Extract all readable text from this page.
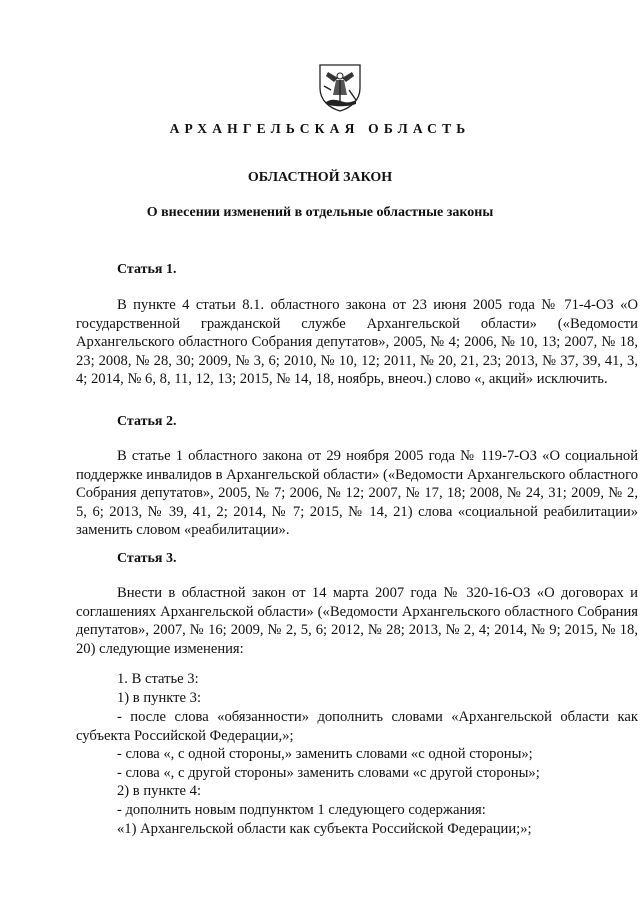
АРХАНГЕЛЬСКАЯ ОБЛАСТЬ
ОБЛАСТНОЙ ЗАКОН
О внесении изменений в отдельные областные законы
Статья 1.

В пункте 4 статьи 8.1. областного закона от 23 июня 2005 года № 71-4-ОЗ «О государственной гражданской службе Архангельской области» («Ведомости Архангельского областного Собрания депутатов», 2005, № 4; 2006, № 10, 13; 2007, № 18, 23; 2008, № 28, 30; 2009, № 3, 6; 2010, № 10, 12; 2011, № 20, 21, 23; 2013, № 37, 39, 41, 3, 4; 2014, № 6, 8, 11, 12, 13; 2015, № 14, 18, ноябрь, внеоч.) слово «, акций» исключить.

Статья 2.

В статье 1 областного закона от 29 ноября 2005 года № 119-7-ОЗ «О социальной поддержке инвалидов в Архангельской области» («Ведомости Архангельского областного Собрания депутатов», 2005, № 7; 2006, № 12; 2007, № 17, 18; 2008, № 24, 31; 2009, № 2, 5, 6; 2013, № 39, 41, 2; 2014, № 7; 2015, № 14, 21) слова «социальной реабилитации» заменить словом «реабилитации».

Статья 3.

Внести в областной закон от 14 марта 2007 года № 320-16-ОЗ «О договорах и соглашениях Архангельской области» («Ведомости Архангельского областного Собрания депутатов», 2007, № 16; 2009, № 2, 5, 6; 2012, № 28; 2013, № 2, 4; 2014, № 9; 2015, № 18, 20) следующие изменения:

1. В статье 3:
1) в пункте 3:

- после слова «обязанности» дополнить словами «Архангельской области как субъекта Российской Федерации,»;

- слова «, с одной стороны,» заменить словами «с одной стороны»;
- слова «, с другой стороны» заменить словами «с другой стороны»;
2) в пункте 4:
- дополнить новым подпунктом 1 следующего содержания:
«1) Архангельской области как субъекта Российской Федерации;»;
